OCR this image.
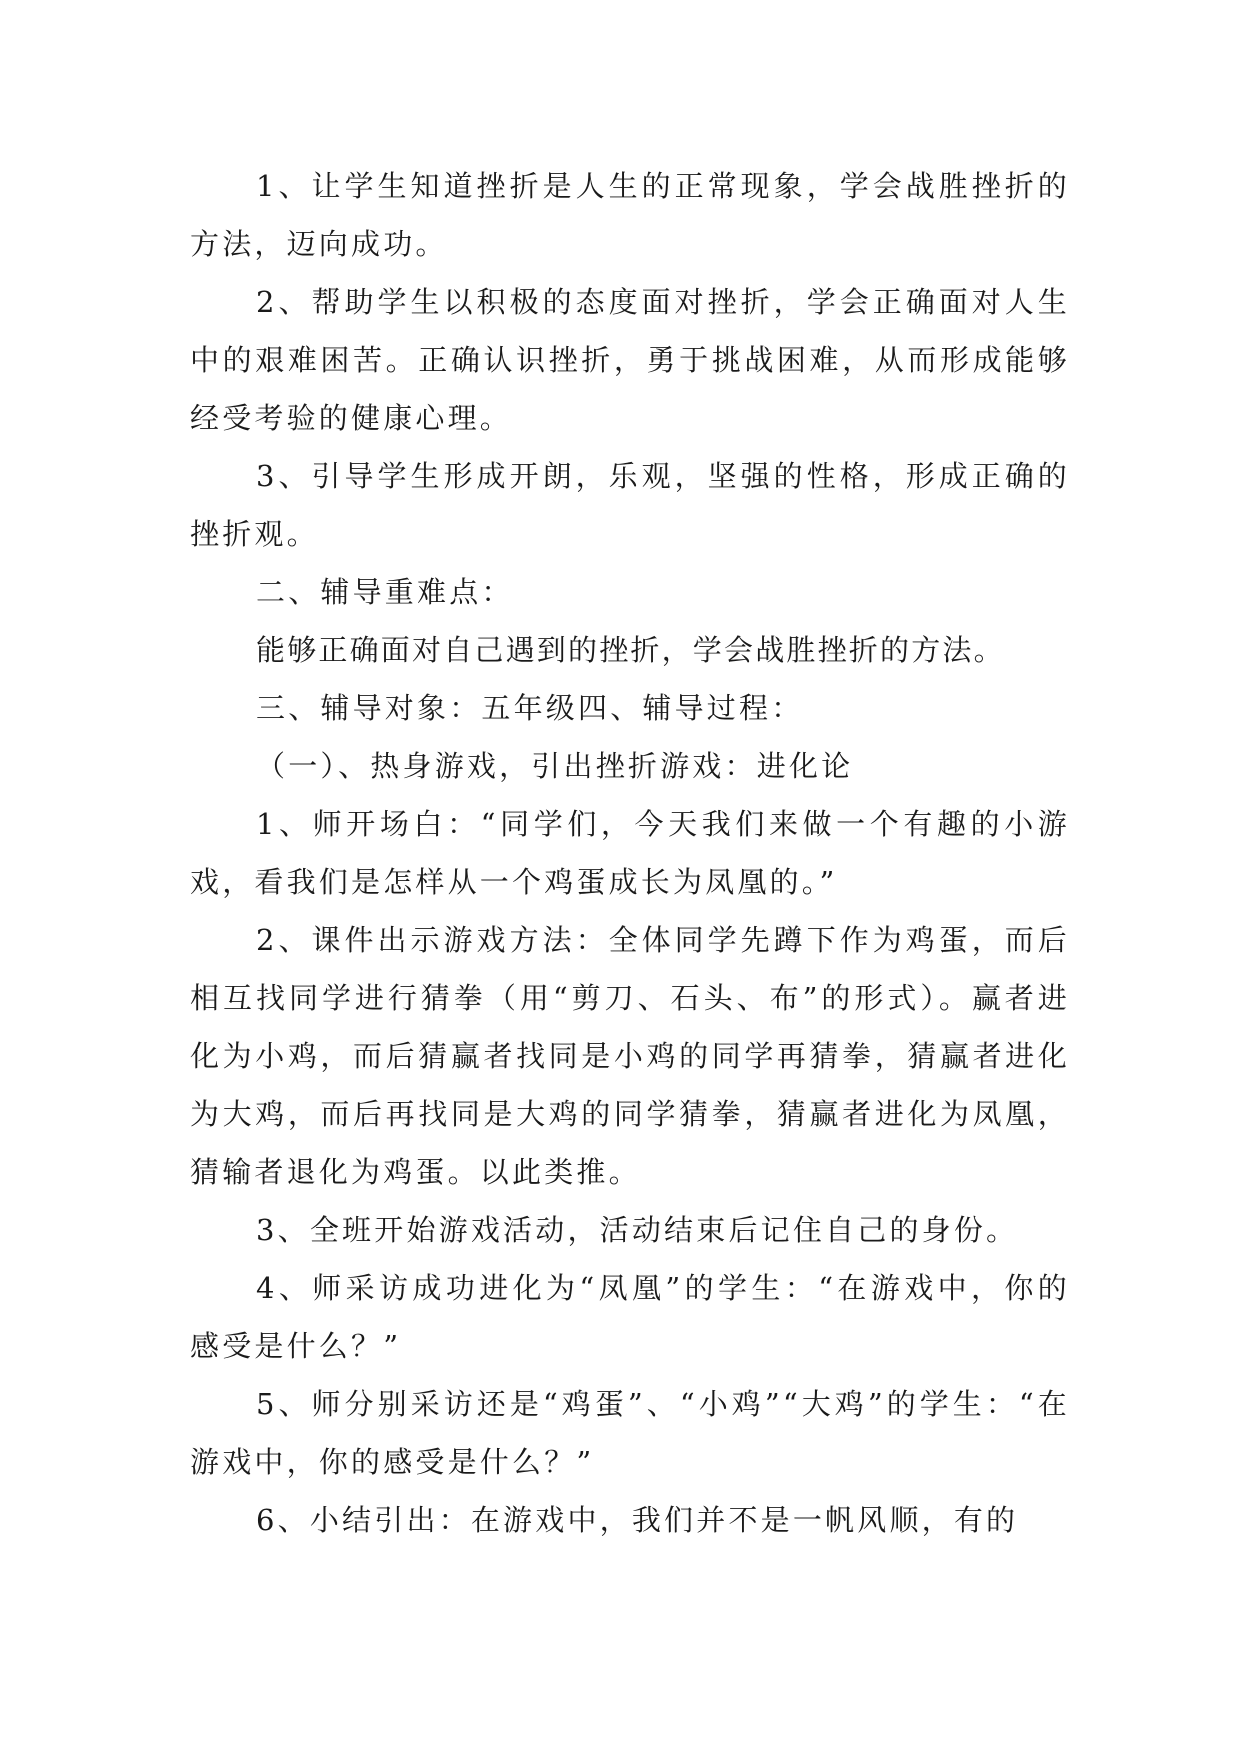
1、让学生知道挫折是人生的正常现象，学会战胜挫折的方法，迈向成功。

2、帮助学生以积极的态度面对挫折，学会正确面对人生中的艰难困苦。正确认识挫折，勇于挑战困难，从而形成能够经受考验的健康心理。

3、引导学生形成开朗，乐观，坚强的性格，形成正确的挫折观。

二、辅导重难点：

能够正确面对自己遇到的挫折，学会战胜挫折的方法。

三、辅导对象：五年级四、辅导过程：

（一）、热身游戏，引出挫折游戏：进化论

1、师开场白：“同学们，今天我们来做一个有趣的小游戏，看我们是怎样从一个鸡蛋成长为凤凰的。”

2、课件出示游戏方法：全体同学先蹲下作为鸡蛋，而后相互找同学进行猜拳（用“剪刀、石头、布”的形式）。赢者进化为小鸡，而后猜赢者找同是小鸡的同学再猜拳，猜赢者进化为大鸡，而后再找同是大鸡的同学猜拳，猜赢者进化为凤凰，猜输者退化为鸡蛋。以此类推。

3、全班开始游戏活动，活动结束后记住自己的身份。

4、师采访成功进化为“凤凰”的学生：“在游戏中，你的感受是什么？”

5、师分别采访还是“鸡蛋”、“小鸡”“大鸡”的学生：“在游戏中，你的感受是什么？”

6、小结引出：在游戏中，我们并不是一帆风顺，有的
